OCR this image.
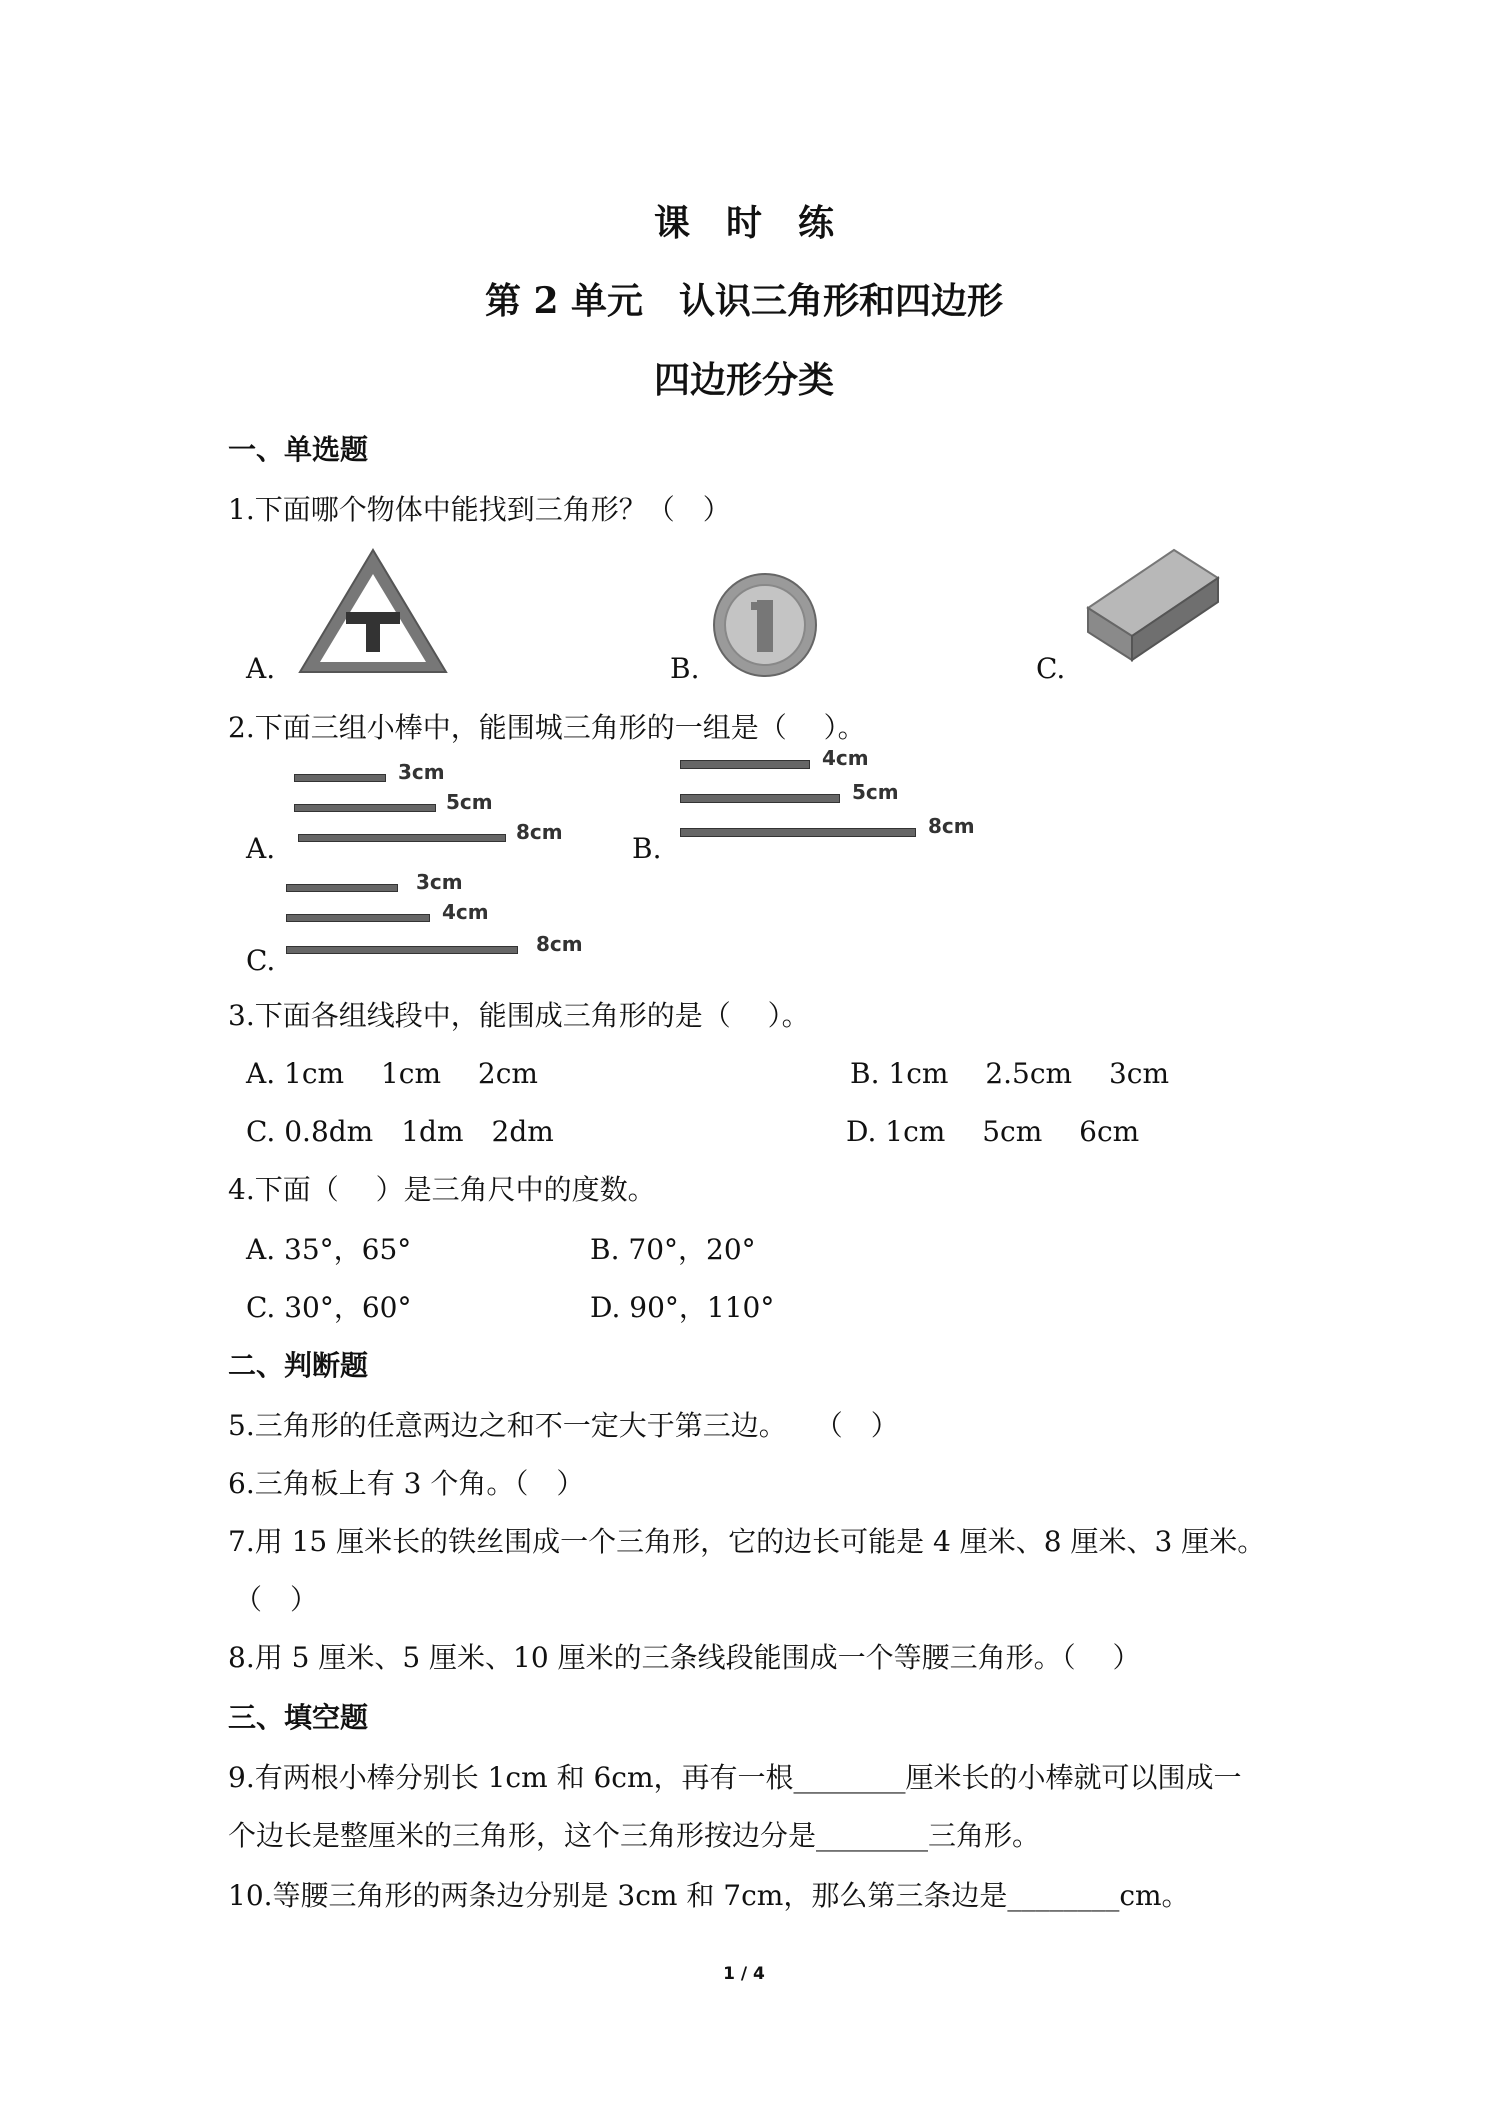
课　时　练
第 2 单元　认识三角形和四边形
四边形分类
一、单选题
1.下面哪个物体中能找到三角形？（　）
A.	B.	C.
2.下面三组小棒中，能围城三角形的一组是（　 ）。
A.
3cm
5cm
8cm B.
4cm
5cm
8cm
C.
3cm
4cm
8cm
3.下面各组线段中，能围成三角形的是（　 ）。
A. 1cm　 1cm　 2cm	B. 1cm　 2.5cm　 3cm
C. 0.8dm　1dm　2dm	D. 1cm　 5cm　 6cm
4.下面（　 ）是三角尺中的度数。
A. 35°，65°	B. 70°，20°
C. 30°，60°	D. 90°，110°
二、判断题
5.三角形的任意两边之和不一定大于第三边。　　（　）
6.三角板上有 3 个角。（　）
7.用 15 厘米长的铁丝围成一个三角形，它的边长可能是 4 厘米、8 厘米、3 厘米。
（　）
8.用 5 厘米、5 厘米、10 厘米的三条线段能围成一个等腰三角形。（　 ）
三、填空题
9.有两根小棒分别长 1cm 和 6cm，再有一根________厘米长的小棒就可以围成一
个边长是整厘米的三角形，这个三角形按边分是________三角形。
10.等腰三角形的两条边分别是 3cm 和 7cm，那么第三条边是________cm。
1 / 4
